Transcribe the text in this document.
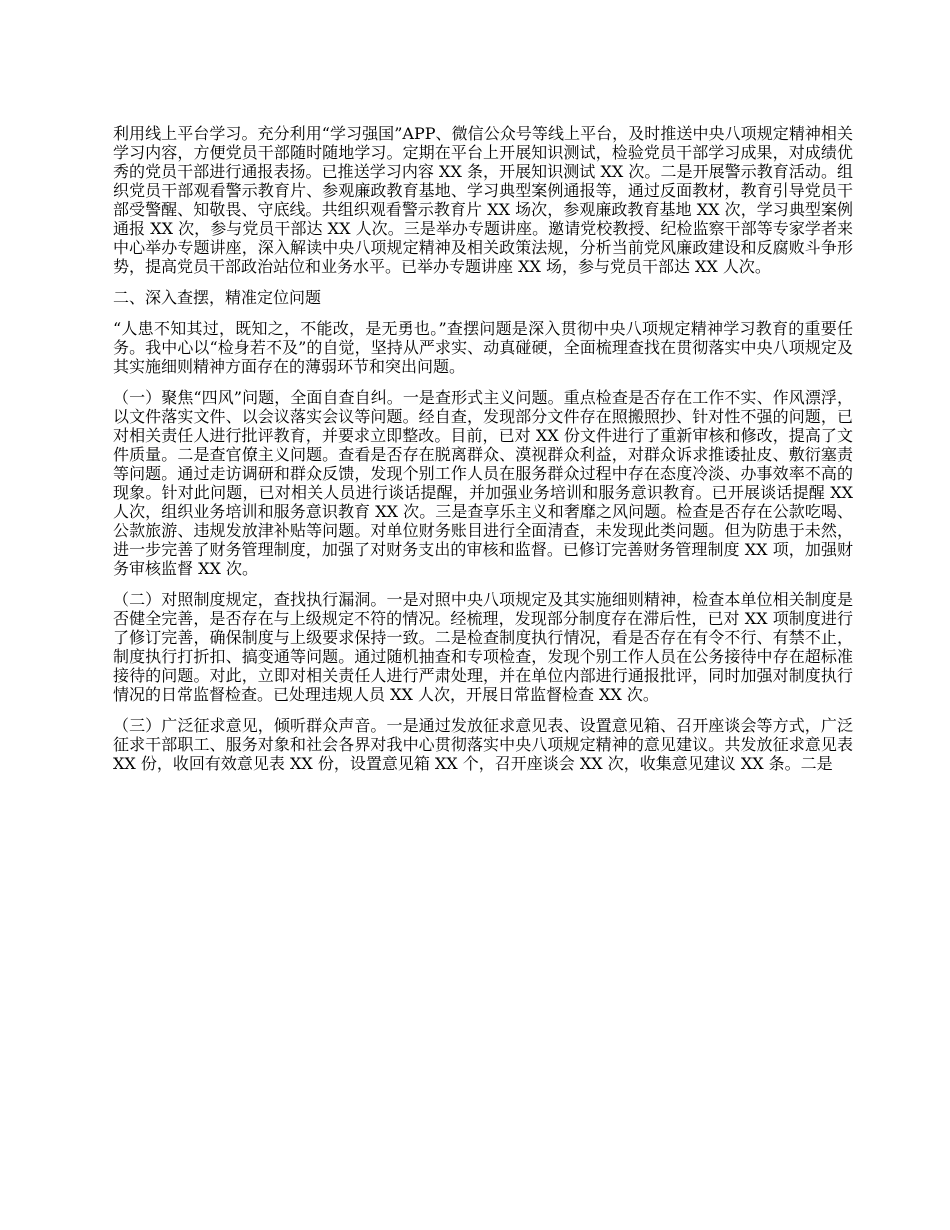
利用线上平台学习。充分利用“学习强国”APP、微信公众号等线上平台，及时推送中央八项规定精神相关学习内容，方便党员干部随时随地学习。定期在平台上开展知识测试，检验党员干部学习成果，对成绩优秀的党员干部进行通报表扬。已推送学习内容 XX 条，开展知识测试 XX 次。二是开展警示教育活动。组织党员干部观看警示教育片、参观廉政教育基地、学习典型案例通报等，通过反面教材，教育引导党员干部受警醒、知敬畏、守底线。共组织观看警示教育片 XX 场次，参观廉政教育基地 XX 次，学习典型案例通报 XX 次，参与党员干部达 XX 人次。三是举办专题讲座。邀请党校教授、纪检监察干部等专家学者来中心举办专题讲座，深入解读中央八项规定精神及相关政策法规，分析当前党风廉政建设和反腐败斗争形势，提高党员干部政治站位和业务水平。已举办专题讲座 XX 场，参与党员干部达 XX 人次。

二、深入查摆，精准定位问题

“人患不知其过，既知之，不能改，是无勇也。”查摆问题是深入贯彻中央八项规定精神学习教育的重要任务。我中心以“检身若不及”的自觉，坚持从严求实、动真碰硬，全面梳理查找在贯彻落实中央八项规定及其实施细则精神方面存在的薄弱环节和突出问题。

（一）聚焦“四风”问题，全面自查自纠。一是查形式主义问题。重点检查是否存在工作不实、作风漂浮，以文件落实文件、以会议落实会议等问题。经自查，发现部分文件存在照搬照抄、针对性不强的问题，已对相关责任人进行批评教育，并要求立即整改。目前，已对 XX 份文件进行了重新审核和修改，提高了文件质量。二是查官僚主义问题。查看是否存在脱离群众、漠视群众利益，对群众诉求推诿扯皮、敷衍塞责等问题。通过走访调研和群众反馈，发现个别工作人员在服务群众过程中存在态度冷淡、办事效率不高的现象。针对此问题，已对相关人员进行谈话提醒，并加强业务培训和服务意识教育。已开展谈话提醒 XX 人次，组织业务培训和服务意识教育 XX 次。三是查享乐主义和奢靡之风问题。检查是否存在公款吃喝、公款旅游、违规发放津补贴等问题。对单位财务账目进行全面清查，未发现此类问题。但为防患于未然，进一步完善了财务管理制度，加强了对财务支出的审核和监督。已修订完善财务管理制度 XX 项，加强财务审核监督 XX 次。

（二）对照制度规定，查找执行漏洞。一是对照中央八项规定及其实施细则精神，检查本单位相关制度是否健全完善，是否存在与上级规定不符的情况。经梳理，发现部分制度存在滞后性，已对 XX 项制度进行了修订完善，确保制度与上级要求保持一致。二是检查制度执行情况，看是否存在有令不行、有禁不止，制度执行打折扣、搞变通等问题。通过随机抽查和专项检查，发现个别工作人员在公务接待中存在超标准接待的问题。对此，立即对相关责任人进行严肃处理，并在单位内部进行通报批评，同时加强对制度执行情况的日常监督检查。已处理违规人员 XX 人次，开展日常监督检查 XX 次。

（三）广泛征求意见，倾听群众声音。一是通过发放征求意见表、设置意见箱、召开座谈会等方式，广泛征求干部职工、服务对象和社会各界对我中心贯彻落实中央八项规定精神的意见建议。共发放征求意见表 XX 份，收回有效意见表 XX 份，设置意见箱 XX 个，召开座谈会 XX 次，收集意见建议 XX 条。二是
